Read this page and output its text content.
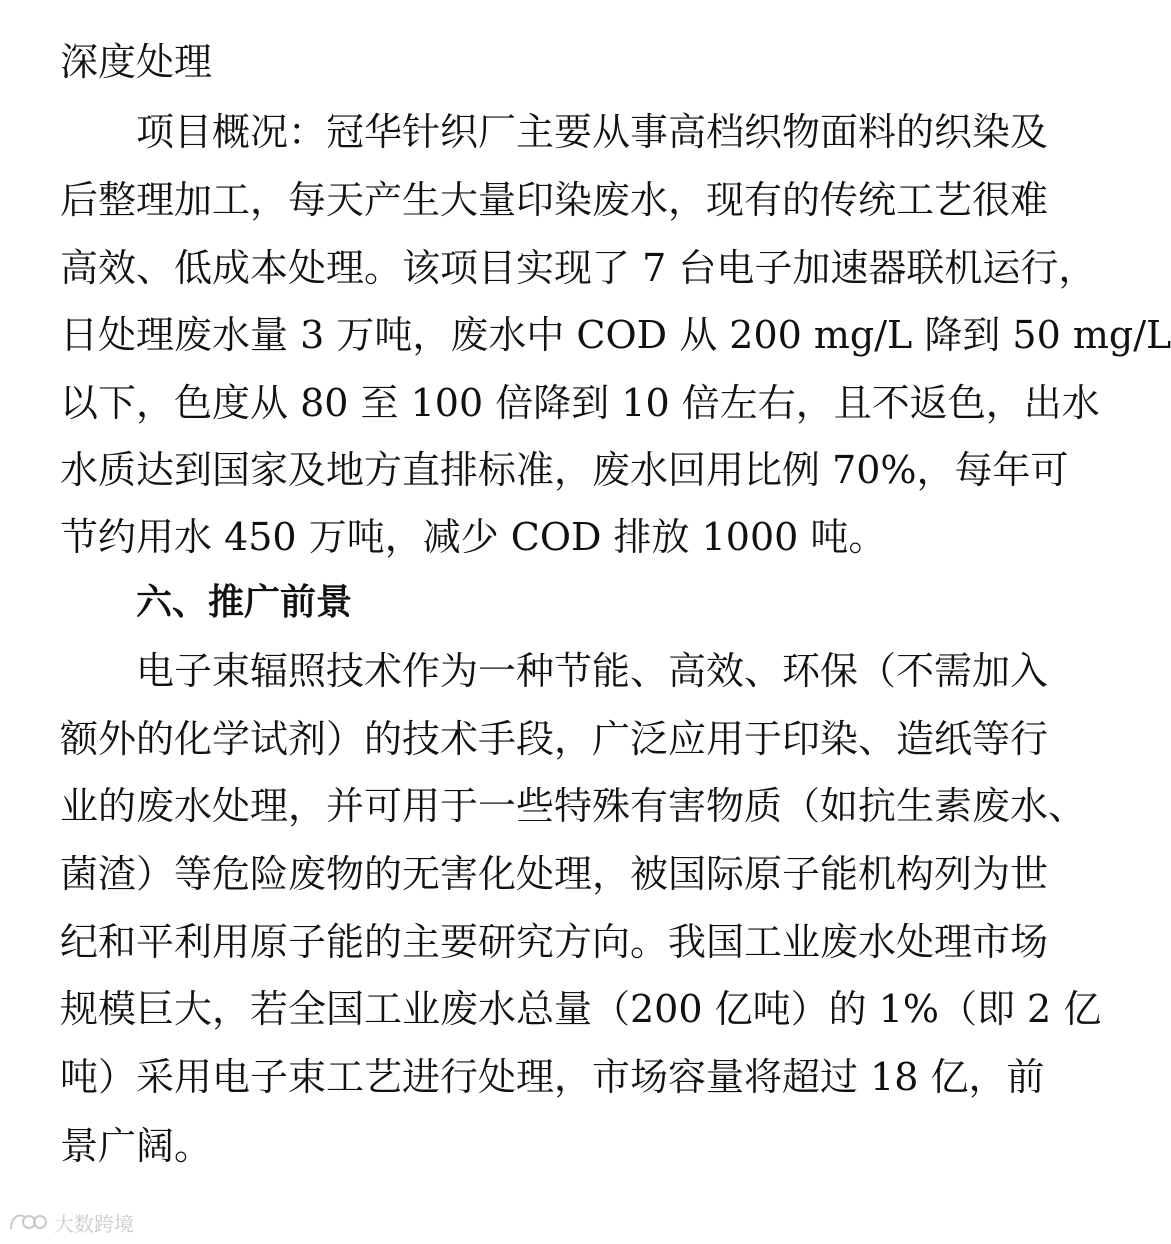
深度处理
项目概况：冠华针织厂主要从事高档织物面料的织染及
后整理加工，每天产生大量印染废水，现有的传统工艺很难
高效、低成本处理。该项目实现了 7 台电子加速器联机运行，
日处理废水量 3 万吨，废水中 COD 从 200 mg/L 降到 50 mg/L
以下，色度从 80 至 100 倍降到 10 倍左右，且不返色，出水
水质达到国家及地方直排标准，废水回用比例 70%，每年可
节约用水 450 万吨，减少 COD 排放 1000 吨。
六、推广前景
电子束辐照技术作为一种节能、高效、环保（不需加入
额外的化学试剂）的技术手段，广泛应用于印染、造纸等行
业的废水处理，并可用于一些特殊有害物质（如抗生素废水、
菌渣）等危险废物的无害化处理，被国际原子能机构列为世
纪和平利用原子能的主要研究方向。我国工业废水处理市场
规模巨大，若全国工业废水总量（200 亿吨）的 1%（即 2 亿
吨）采用电子束工艺进行处理，市场容量将超过 18 亿，前
景广阔。
大数跨境
